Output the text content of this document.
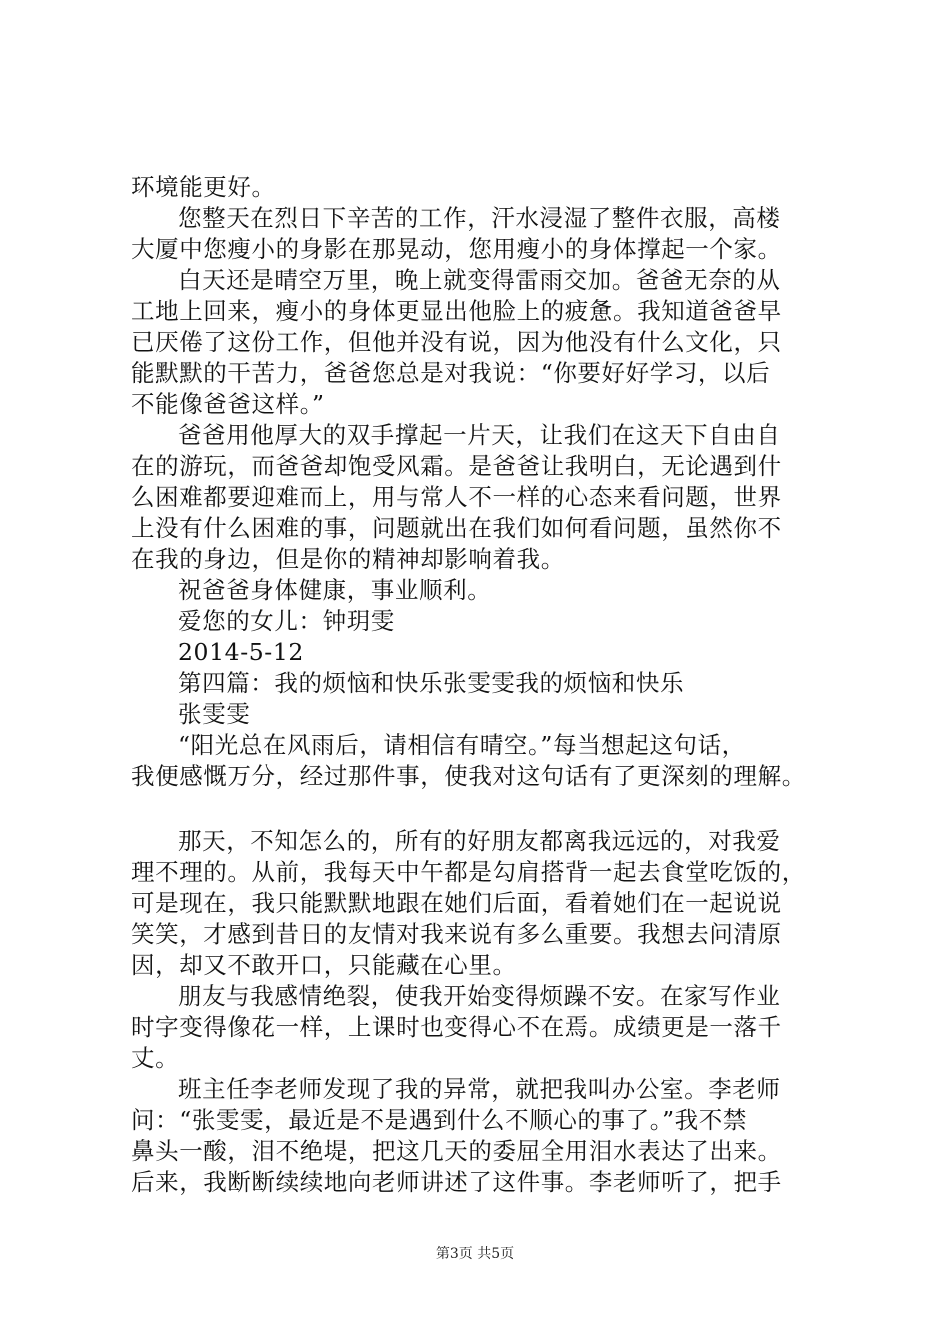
环境能更好。
您整天在烈日下辛苦的工作，汗水浸湿了整件衣服，高楼
大厦中您瘦小的身影在那晃动，您用瘦小的身体撑起一个家。
白天还是晴空万里，晚上就变得雷雨交加。爸爸无奈的从
工地上回来，瘦小的身体更显出他脸上的疲惫。我知道爸爸早
已厌倦了这份工作，但他并没有说，因为他没有什么文化，只
能默默的干苦力，爸爸您总是对我说：“你要好好学习，以后
不能像爸爸这样。”
爸爸用他厚大的双手撑起一片天，让我们在这天下自由自
在的游玩，而爸爸却饱受风霜。是爸爸让我明白，无论遇到什
么困难都要迎难而上，用与常人不一样的心态来看问题，世界
上没有什么困难的事，问题就出在我们如何看问题，虽然你不
在我的身边，但是你的精神却影响着我。
祝爸爸身体健康，事业顺利。
爱您的女儿：钟玥雯
2014-5-12
第四篇：我的烦恼和快乐张雯雯我的烦恼和快乐
张雯雯
“阳光总在风雨后，请相信有晴空。”每当想起这句话，
我便感慨万分，经过那件事，使我对这句话有了更深刻的理解。
那天，不知怎么的，所有的好朋友都离我远远的，对我爱
理不理的。从前，我每天中午都是勾肩搭背一起去食堂吃饭的，
可是现在，我只能默默地跟在她们后面，看着她们在一起说说
笑笑，才感到昔日的友情对我来说有多么重要。我想去问清原
因，却又不敢开口，只能藏在心里。
朋友与我感情绝裂，使我开始变得烦躁不安。在家写作业
时字变得像花一样，上课时也变得心不在焉。成绩更是一落千
丈。
班主任李老师发现了我的异常，就把我叫办公室。李老师
问：“张雯雯，最近是不是遇到什么不顺心的事了。”我不禁
鼻头一酸，泪不绝堤，把这几天的委屈全用泪水表达了出来。
后来，我断断续续地向老师讲述了这件事。李老师听了，把手
第3页 共5页
